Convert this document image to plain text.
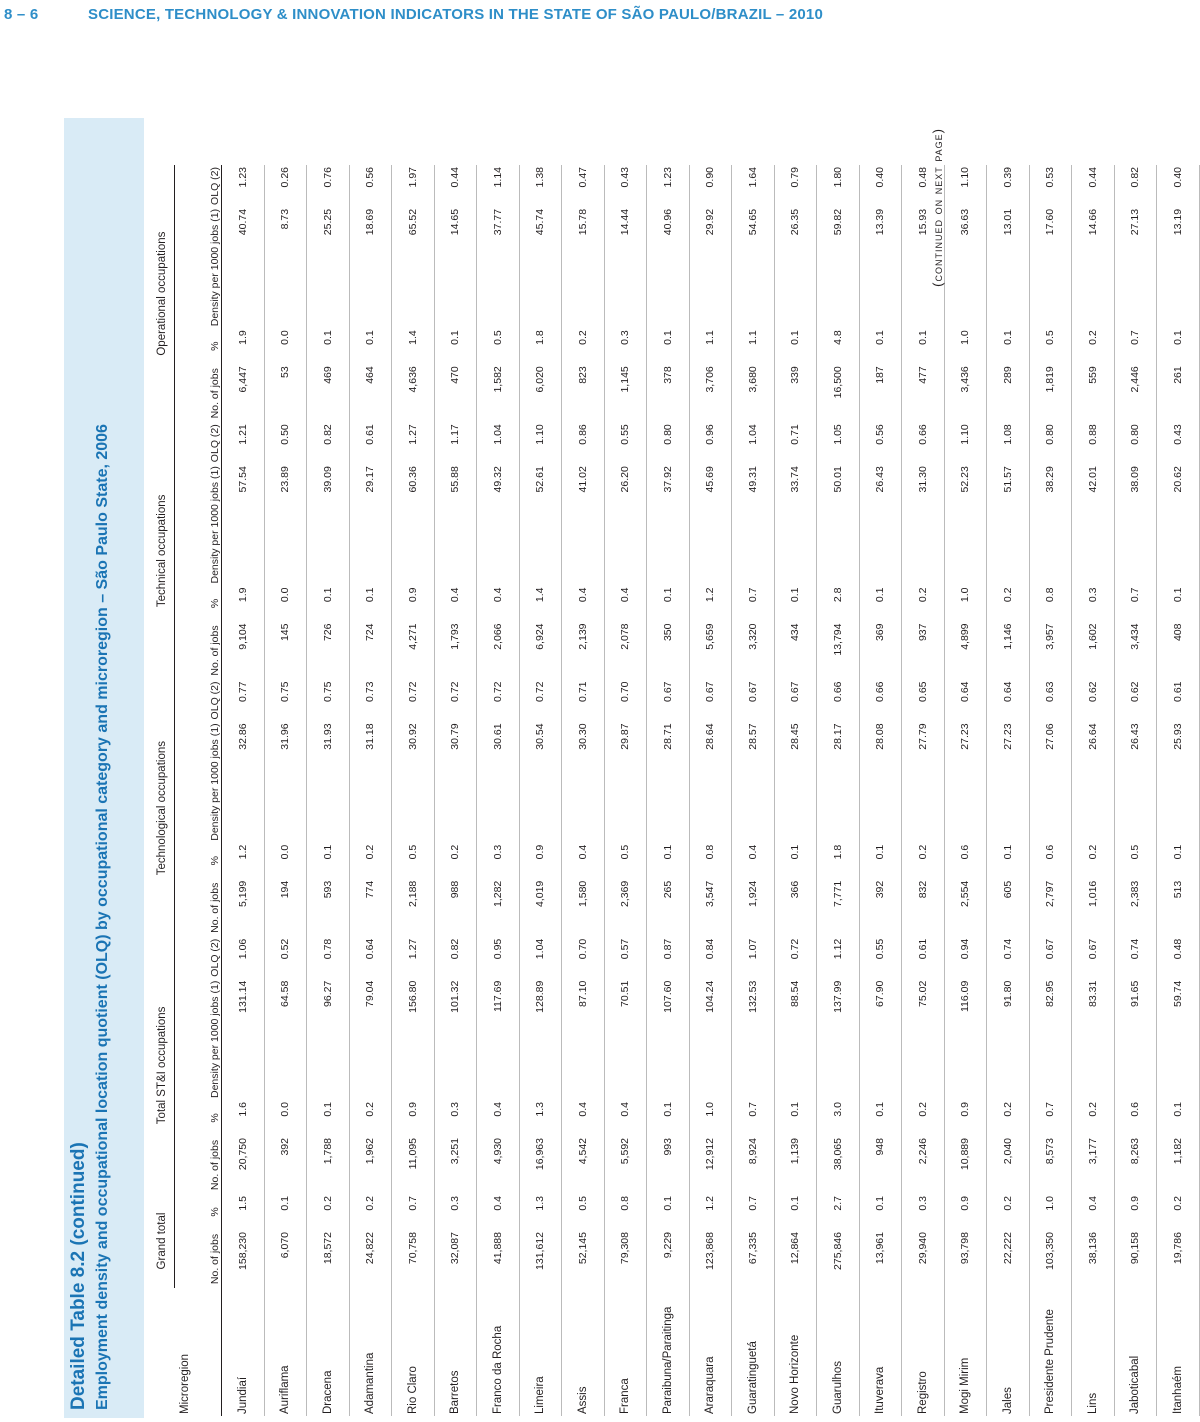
8 – 6	SCIENCE, TECHNOLOGY & INNOVATION INDICATORS IN THE STATE OF SÃO PAULO/BRAZIL – 2010
Detailed Table 8.2 (continued) Employment density and occupational location quotient (OLQ) by occupational category and microregion – São Paulo State, 2006	Microregion	Grand total		Total ST&I occupations				Technological occupations				Technical occupations				Operational occupations			
	No. of jobs	%	No. of jobs	%	Density per 1000 jobs (1)	OLQ (2)	No. of jobs	%	Density per 1000 jobs (1)	OLQ (2)	No. of jobs	%	Density per 1000 jobs (1)	OLQ (2)	No. of jobs	%	Density per 1000 jobs (1)	OLQ (2)
Jundiaí	158,230	1.5	20,750	1.6	131.14	1.06	5,199	1.2	32.86	0.77	9,104	1.9	57.54	1.21	6,447	1.9	40.74	1.23
Auriflama	6,070	0.1	392	0.0	64.58	0.52	194	0.0	31.96	0.75	145	0.0	23.89	0.50	53	0.0	8.73	0.26
Dracena	18,572	0.2	1,788	0.1	96.27	0.78	593	0.1	31.93	0.75	726	0.1	39.09	0.82	469	0.1	25.25	0.76
Adamantina	24,822	0.2	1,962	0.2	79.04	0.64	774	0.2	31.18	0.73	724	0.1	29.17	0.61	464	0.1	18.69	0.56
Rio Claro	70,758	0.7	11,095	0.9	156.80	1.27	2,188	0.5	30.92	0.72	4,271	0.9	60.36	1.27	4,636	1.4	65.52	1.97
Barretos	32,087	0.3	3,251	0.3	101.32	0.82	988	0.2	30.79	0.72	1,793	0.4	55.88	1.17	470	0.1	14.65	0.44
Franco da Rocha	41,888	0.4	4,930	0.4	117.69	0.95	1,282	0.3	30.61	0.72	2,066	0.4	49.32	1.04	1,582	0.5	37.77	1.14
Limeira	131,612	1.3	16,963	1.3	128.89	1.04	4,019	0.9	30.54	0.72	6,924	1.4	52.61	1.10	6,020	1.8	45.74	1.38
Assis	52,145	0.5	4,542	0.4	87.10	0.70	1,580	0.4	30.30	0.71	2,139	0.4	41.02	0.86	823	0.2	15.78	0.47
Franca	79,308	0.8	5,592	0.4	70.51	0.57	2,369	0.5	29.87	0.70	2,078	0.4	26.20	0.55	1,145	0.3	14.44	0.43
Paraibuna/Paraitinga	9,229	0.1	993	0.1	107.60	0.87	265	0.1	28.71	0.67	350	0.1	37.92	0.80	378	0.1	40.96	1.23
Araraquara	123,868	1.2	12,912	1.0	104.24	0.84	3,547	0.8	28.64	0.67	5,659	1.2	45.69	0.96	3,706	1.1	29.92	0.90
Guaratinguetá	67,335	0.7	8,924	0.7	132.53	1.07	1,924	0.4	28.57	0.67	3,320	0.7	49.31	1.04	3,680	1.1	54.65	1.64
Novo Horizonte	12,864	0.1	1,139	0.1	88.54	0.72	366	0.1	28.45	0.67	434	0.1	33.74	0.71	339	0.1	26.35	0.79
Guarulhos	275,846	2.7	38,065	3.0	137.99	1.12	7,771	1.8	28.17	0.66	13,794	2.8	50.01	1.05	16,500	4.8	59.82	1.80
Ituverava	13,961	0.1	948	0.1	67.90	0.55	392	0.1	28.08	0.66	369	0.1	26.43	0.56	187	0.1	13.39	0.40
Registro	29,940	0.3	2,246	0.2	75.02	0.61	832	0.2	27.79	0.65	937	0.2	31.30	0.66	477	0.1	15.93	0.48
Mogi Mirim	93,798	0.9	10,889	0.9	116.09	0.94	2,554	0.6	27.23	0.64	4,899	1.0	52.23	1.10	3,436	1.0	36.63	1.10
Jales	22,222	0.2	2,040	0.2	91.80	0.74	605	0.1	27.23	0.64	1,146	0.2	51.57	1.08	289	0.1	13.01	0.39
Presidente Prudente	103,350	1.0	8,573	0.7	82.95	0.67	2,797	0.6	27.06	0.63	3,957	0.8	38.29	0.80	1,819	0.5	17.60	0.53
Lins	38,136	0.4	3,177	0.2	83.31	0.67	1,016	0.2	26.64	0.62	1,602	0.3	42.01	0.88	559	0.2	14.66	0.44
Jaboticabal	90,158	0.9	8,263	0.6	91.65	0.74	2,383	0.5	26.43	0.62	3,434	0.7	38.09	0.80	2,446	0.7	27.13	0.82
Itanhaém	19,786	0.2	1,182	0.1	59.74	0.48	513	0.1	25.93	0.61	408	0.1	20.62	0.43	261	0.1	13.19	0.40
(continued on next page)
